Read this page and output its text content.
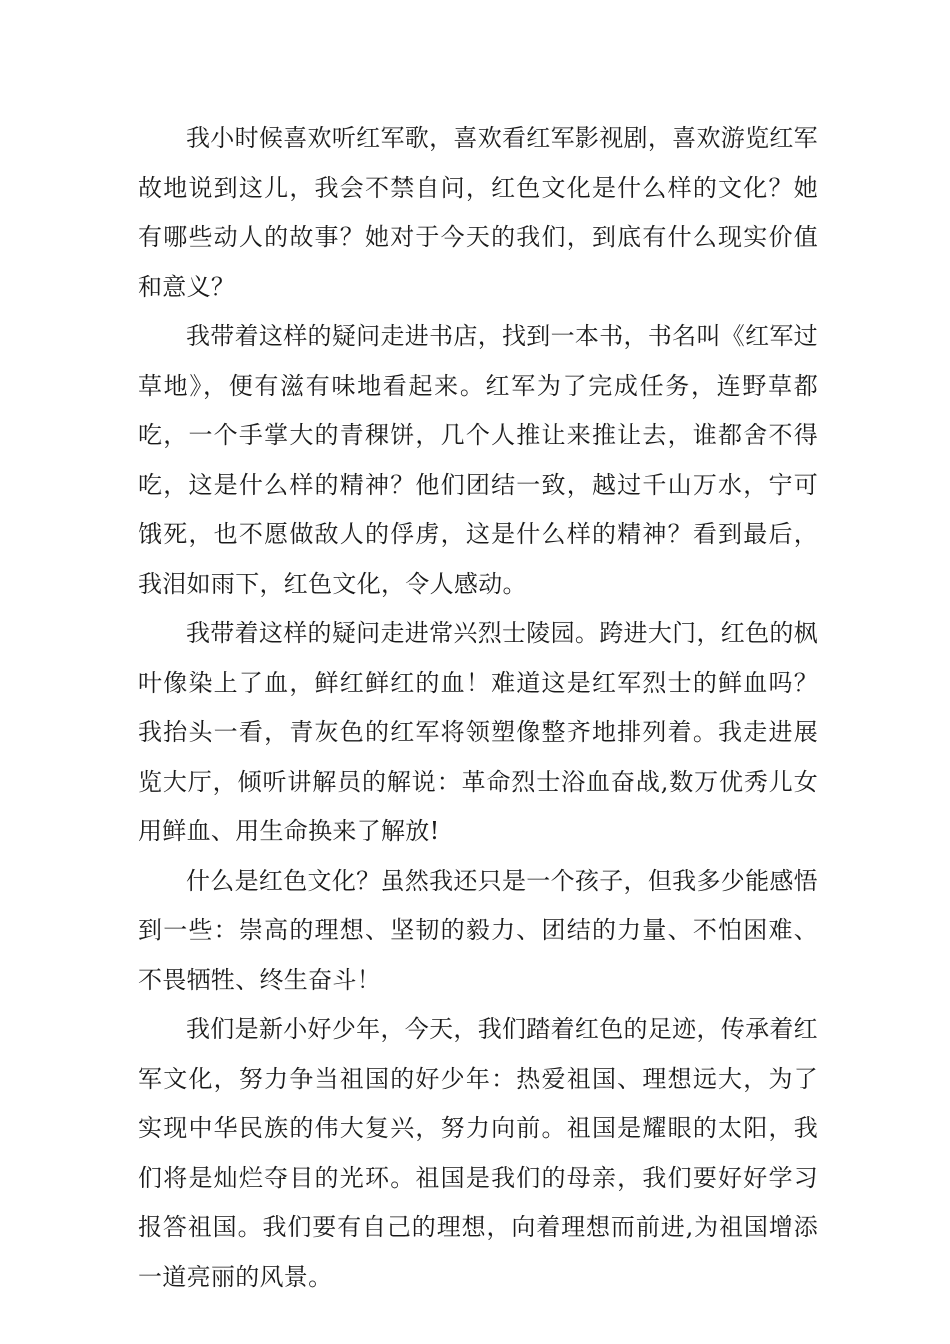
我小时候喜欢听红军歌，喜欢看红军影视剧，喜欢游览红军故地说到这儿，我会不禁自问，红色文化是什么样的文化？她有哪些动人的故事？她对于今天的我们，到底有什么现实价值和意义？

我带着这样的疑问走进书店，找到一本书，书名叫《红军过草地》，便有滋有味地看起来。红军为了完成任务，连野草都吃，一个手掌大的青稞饼，几个人推让来推让去，谁都舍不得吃，这是什么样的精神？他们团结一致，越过千山万水，宁可饿死，也不愿做敌人的俘虏，这是什么样的精神？看到最后，我泪如雨下，红色文化，令人感动。

我带着这样的疑问走进常兴烈士陵园。跨进大门，红色的枫叶像染上了血，鲜红鲜红的血！难道这是红军烈士的鲜血吗？我抬头一看，青灰色的红军将领塑像整齐地排列着。我走进展览大厅，倾听讲解员的解说：革命烈士浴血奋战,数万优秀儿女用鲜血、用生命换来了解放!

什么是红色文化？虽然我还只是一个孩子，但我多少能感悟到一些：崇高的理想、坚韧的毅力、团结的力量、不怕困难、不畏牺牲、终生奋斗！

我们是新小好少年，今天，我们踏着红色的足迹，传承着红军文化，努力争当祖国的好少年：热爱祖国、理想远大，为了实现中华民族的伟大复兴，努力向前。祖国是耀眼的太阳，我们将是灿烂夺目的光环。祖国是我们的母亲，我们要好好学习报答祖国。我们要有自己的理想，向着理想而前进,为祖国增添一道亮丽的风景。
